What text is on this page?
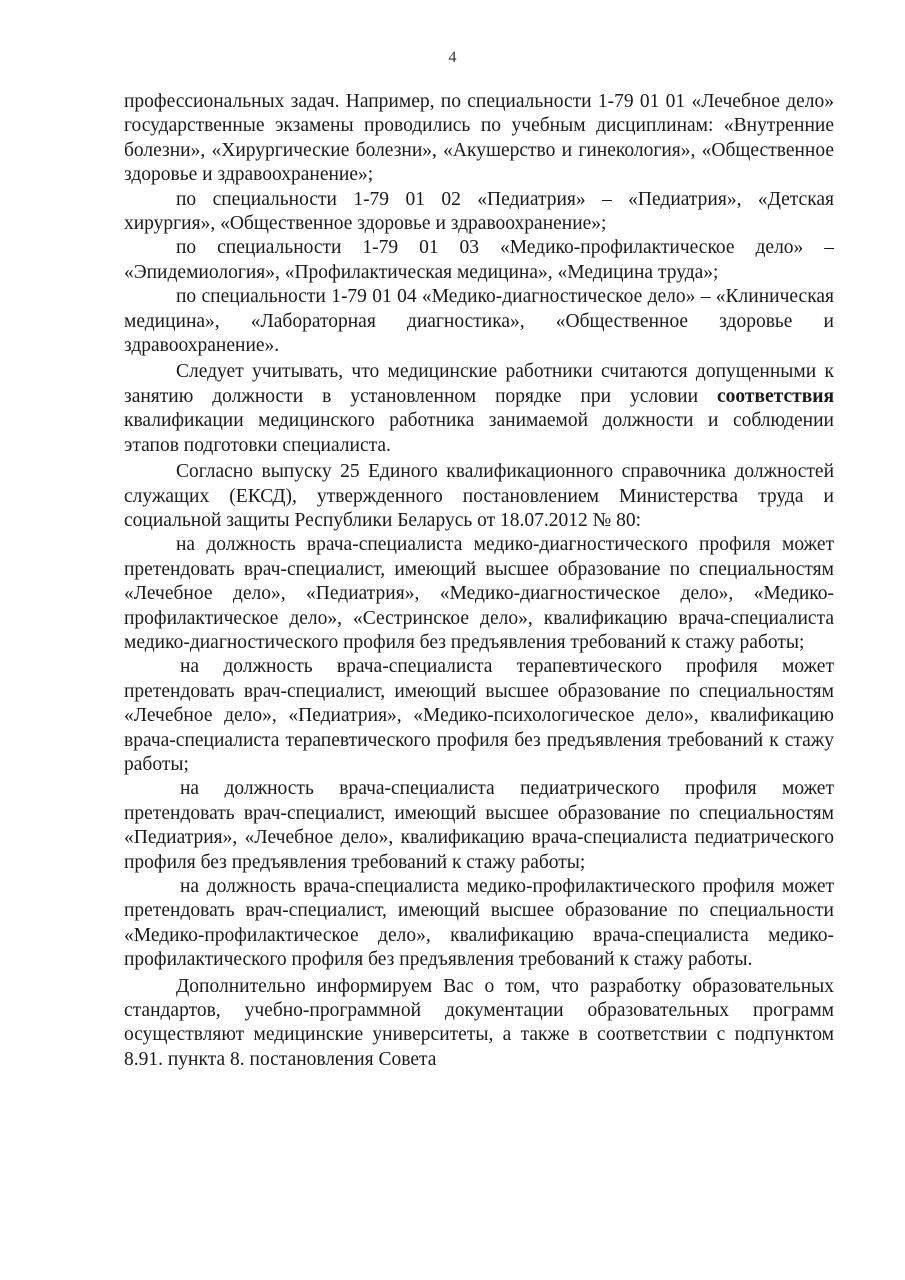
4

профессиональных задач. Например, по специальности 1-79 01 01 «Лечебное дело» государственные экзамены проводились по учебным дисциплинам: «Внутренние болезни», «Хирургические болезни», «Акушерство и гинекология», «Общественное здоровье и здравоохранение»;

по специальности 1-79 01 02 «Педиатрия» – «Педиатрия», «Детская хирургия», «Общественное здоровье и здравоохранение»;

по специальности 1-79 01 03 «Медико-профилактическое дело» – «Эпидемиология», «Профилактическая медицина», «Медицина труда»;

по специальности 1-79 01 04 «Медико-диагностическое дело» – «Клиническая медицина», «Лабораторная диагностика», «Общественное здоровье и здравоохранение».

Следует учитывать, что медицинские работники считаются допущенными к занятию должности в установленном порядке при условии соответствия квалификации медицинского работника занимаемой должности и соблюдении этапов подготовки специалиста.

Согласно выпуску 25 Единого квалификационного справочника должностей служащих (ЕКСД), утвержденного постановлением Министерства труда и социальной защиты Республики Беларусь от 18.07.2012 № 80:

на должность врача-специалиста медико-диагностического профиля может претендовать врач-специалист, имеющий высшее образование по специальностям «Лечебное дело», «Педиатрия», «Медико-диагностическое дело», «Медико-профилактическое дело», «Сестринское дело», квалификацию врача-специалиста медико-диагностического профиля без предъявления требований к стажу работы;

на должность врача-специалиста терапевтического профиля может претендовать врач-специалист, имеющий высшее образование по специальностям «Лечебное дело», «Педиатрия», «Медико-психологическое дело», квалификацию врача-специалиста терапевтического профиля без предъявления требований к стажу работы;

на должность врача-специалиста педиатрического профиля может претендовать врач-специалист, имеющий высшее образование по специальностям «Педиатрия», «Лечебное дело», квалификацию врача-специалиста педиатрического профиля без предъявления требований к стажу работы;

на должность врача-специалиста медико-профилактического профиля может претендовать врач-специалист, имеющий высшее образование по специальности «Медико-профилактическое дело», квалификацию врача-специалиста медико-профилактического профиля без предъявления требований к стажу работы.

Дополнительно информируем Вас о том, что разработку образовательных стандартов, учебно-программной документации образовательных программ осуществляют медицинские университеты, а также в соответствии с подпунктом 8.91. пункта 8. постановления Совета
